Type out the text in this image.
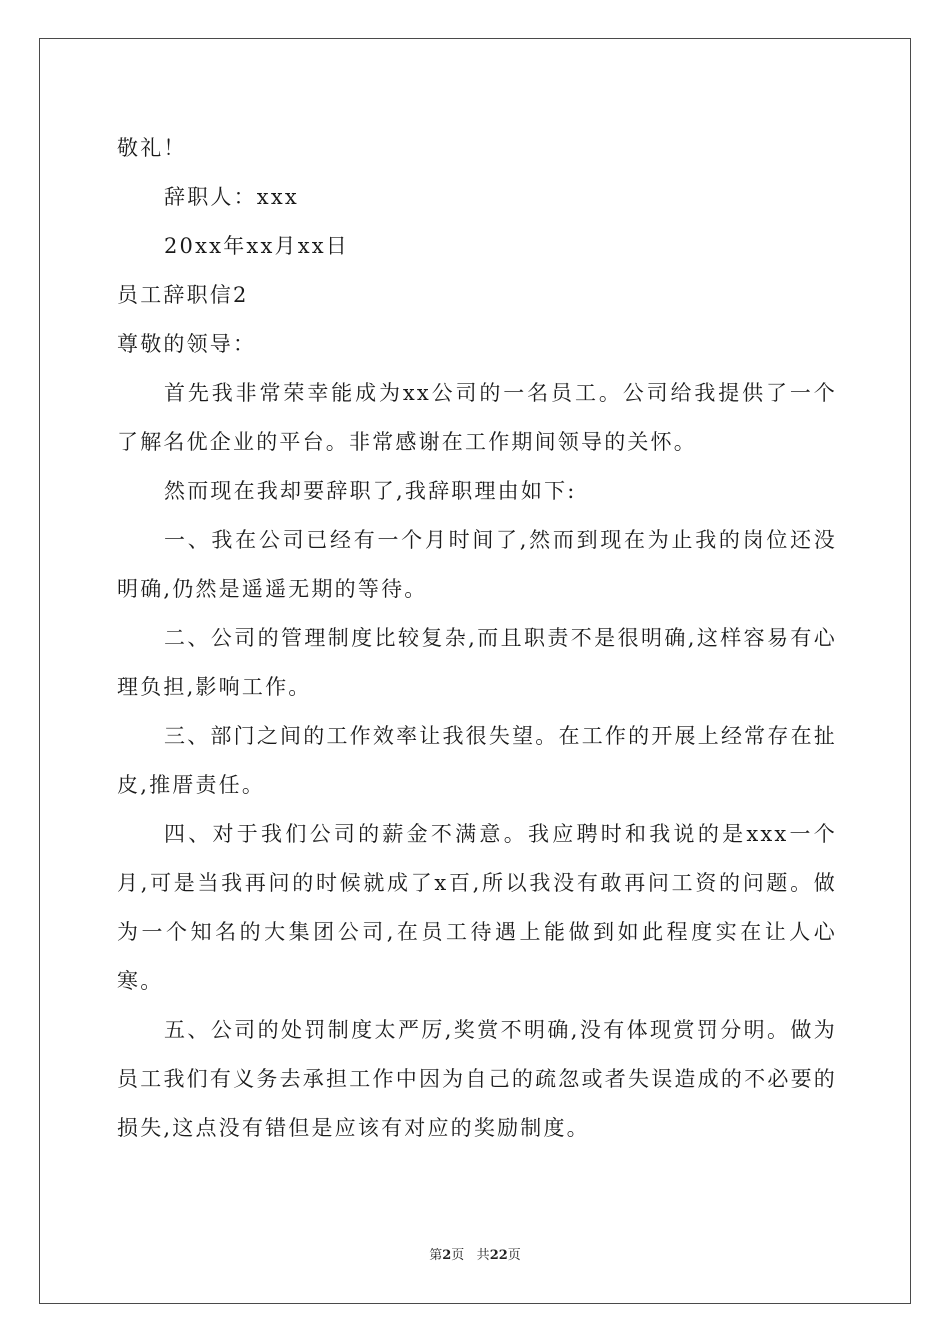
敬礼！

辞职人：xxx

20xx年xx月xx日

员工辞职信2

尊敬的领导：

首先我非常荣幸能成为xx公司的一名员工。公司给我提供了一个了解名优企业的平台。非常感谢在工作期间领导的关怀。

然而现在我却要辞职了,我辞职理由如下:

一、我在公司已经有一个月时间了,然而到现在为止我的岗位还没明确,仍然是遥遥无期的等待。

二、公司的管理制度比较复杂,而且职责不是很明确,这样容易有心理负担,影响工作。

三、部门之间的工作效率让我很失望。在工作的开展上经常存在扯皮,推厝责任。

四、对于我们公司的薪金不满意。我应聘时和我说的是xxx一个月,可是当我再问的时候就成了x百,所以我没有敢再问工资的问题。做为一个知名的大集团公司,在员工待遇上能做到如此程度实在让人心寒。

五、公司的处罚制度太严厉,奖赏不明确,没有体现赏罚分明。做为员工我们有义务去承担工作中因为自己的疏忽或者失误造成的不必要的损失,这点没有错但是应该有对应的奖励制度。

第2页 共22页
